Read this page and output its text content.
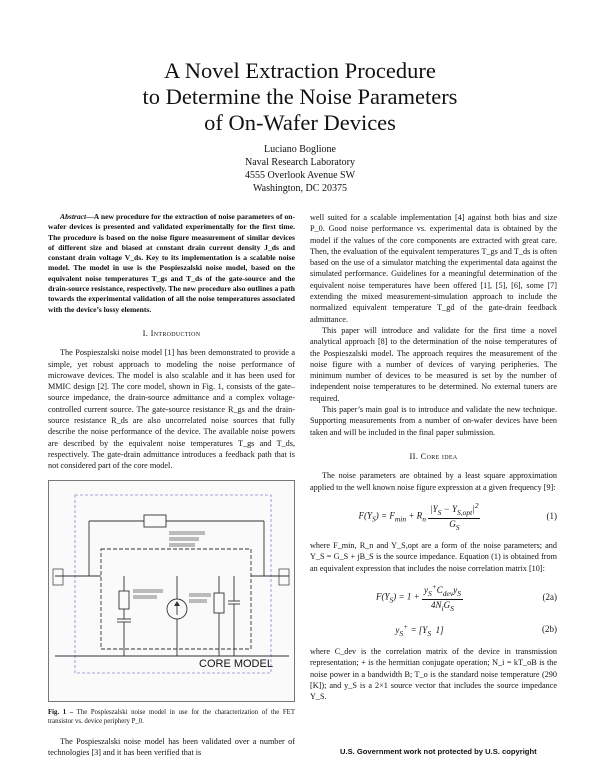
A Novel Extraction Procedure
to Determine the Noise Parameters
of On-Wafer Devices
Luciano Boglione
Naval Research Laboratory
4555 Overlook Avenue SW
Washington, DC 20375

Abstract—A new procedure for the extraction of noise parameters of on-wafer devices is presented and validated experimentally for the first time. The procedure is based on the noise figure measurement of similar devices of different size and biased at constant drain current density J_ds and constant drain voltage V_ds. Key to its implementation is a scalable noise model. The model in use is the Pospieszalski noise model, based on the equivalent noise temperatures T_gs and T_ds of the gate-source and the drain-source resistance, respectively. The new procedure also outlines a path towards the experimental validation of all the noise temperatures associated with the device’s lossy elements.

I. Introduction

The Pospieszalski noise model [1] has been demonstrated to provide a simple, yet robust approach to modeling the noise performance of microwave devices. The model is also scalable and it has been used for MMIC design [2]. The core model, shown in Fig. 1, consists of the gate–source impedance, the drain-source admittance and a complex voltage-controlled current source. The gate-source resistance R_gs and the drain-source resistance R_ds are also uncorrelated noise sources that fully describe the noise performance of the device. The available noise powers are described by the equivalent noise temperatures T_gs and T_ds, respectively. The gate-drain admittance introduces a feedback path that is not considered part of the core model.

CORE MODEL

Fig. 1 – The Pospieszalski noise model in use for the characterization of the FET transistor vs. device periphery P_0.

The Pospieszalski noise model has been validated over a number of technologies [3] and it has been verified that is

well suited for a scalable implementation [4] against both bias and size P_0. Good noise performance vs. experimental data is obtained by the model if the values of the core components are extracted with great care. Then, the evaluation of the equivalent temperatures T_gs and T_ds is often based on the use of a simulator matching the experimental data against the simulated performance. Guidelines for a meaningful determination of the equivalent noise temperatures have been offered [1], [5], [6], some [7] extending the mixed measurement-simulation approach to include the normalized equivalent temperature T_gd of the gate-drain feedback admittance.

This paper will introduce and validate for the first time a novel analytical approach [8] to the determination of the noise temperatures of the Pospieszalski model. The approach requires the measurement of the noise figure with a number of devices of varying peripheries. The minimum number of devices to be measured is set by the number of independent noise temperatures to be determined. No external tuners are required.

This paper’s main goal is to introduce and validate the new technique. Supporting measurements from a number of on-wafer devices have been taken and will be included in the final paper submission.

II. Core idea

The noise parameters are obtained by a least square approximation applied to the well known noise figure expression at a given frequency [9]:

$F(Y_S) = F_{min} + R_n \frac{|Y_S - Y_{S,opt}|^2}{G_S}$	(1)

where F_min, R_n and Y_S,opt are a form of the noise parameters; and Y_S = G_S + jB_S is the source impedance. Equation (1) is obtained from an equivalent expression that includes the noise correlation matrix [10]:

$F(Y_S) = 1 + \frac{y_S^+C_{dev}y_S}{4N_iG_S}$	(2a)
$y_S^+ = [Y_S$  1]	(2b)

where C_dev is the correlation matrix of the device in transmission representation; + is the hermitian conjugate operation; N_i = kT_oB is the noise power in a bandwidth B; T_o is the standard noise temperature (290 [K]); and y_S is a 2×1 source vector that includes the source impedance Y_S.

U.S. Government work not protected by U.S. copyright
